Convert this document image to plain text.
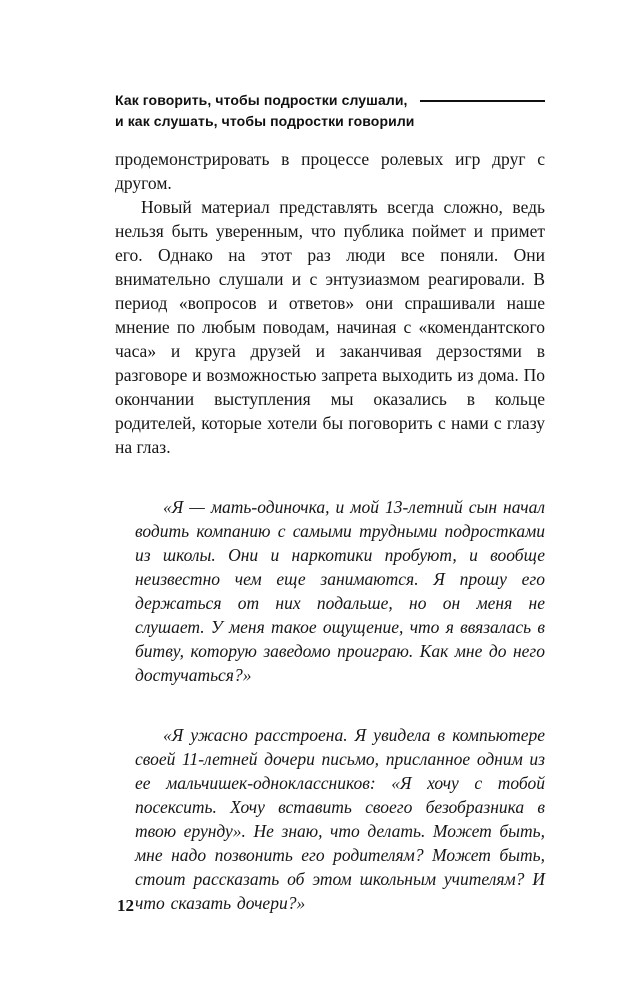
Как говорить, чтобы подростки слушали,
и как слушать, чтобы подростки говорили

продемонстрировать в процессе ролевых игр друг с другом.

Новый материал представлять всегда сложно, ведь нельзя быть уверенным, что публика поймет и примет его. Однако на этот раз люди все поняли. Они внимательно слушали и с энтузиазмом реагировали. В период «вопросов и ответов» они спрашивали наше мнение по любым поводам, начиная с «комендантского часа» и круга друзей и заканчивая дерзостями в разговоре и возможностью запрета выходить из дома. По окончании выступления мы оказались в кольце родителей, которые хотели бы поговорить с нами с глазу на глаз.

«Я — мать-одиночка, и мой 13-летний сын начал водить компанию с самыми трудными подростками из школы. Они и наркотики пробуют, и вообще неизвестно чем еще занимаются. Я прошу его держаться от них подальше, но он меня не слушает. У меня такое ощущение, что я ввязалась в битву, которую заведомо проиграю. Как мне до него достучаться?»

«Я ужасно расстроена. Я увидела в компьютере своей 11-летней дочери письмо, присланное одним из ее мальчишек-одноклассников: «Я хочу с тобой посексить. Хочу вставить своего безобразника в твою ерунду». Не знаю, что делать. Может быть, мне надо позвонить его родителям? Может быть, стоит рассказать об этом школьным учителям? И что сказать дочери?»

12
